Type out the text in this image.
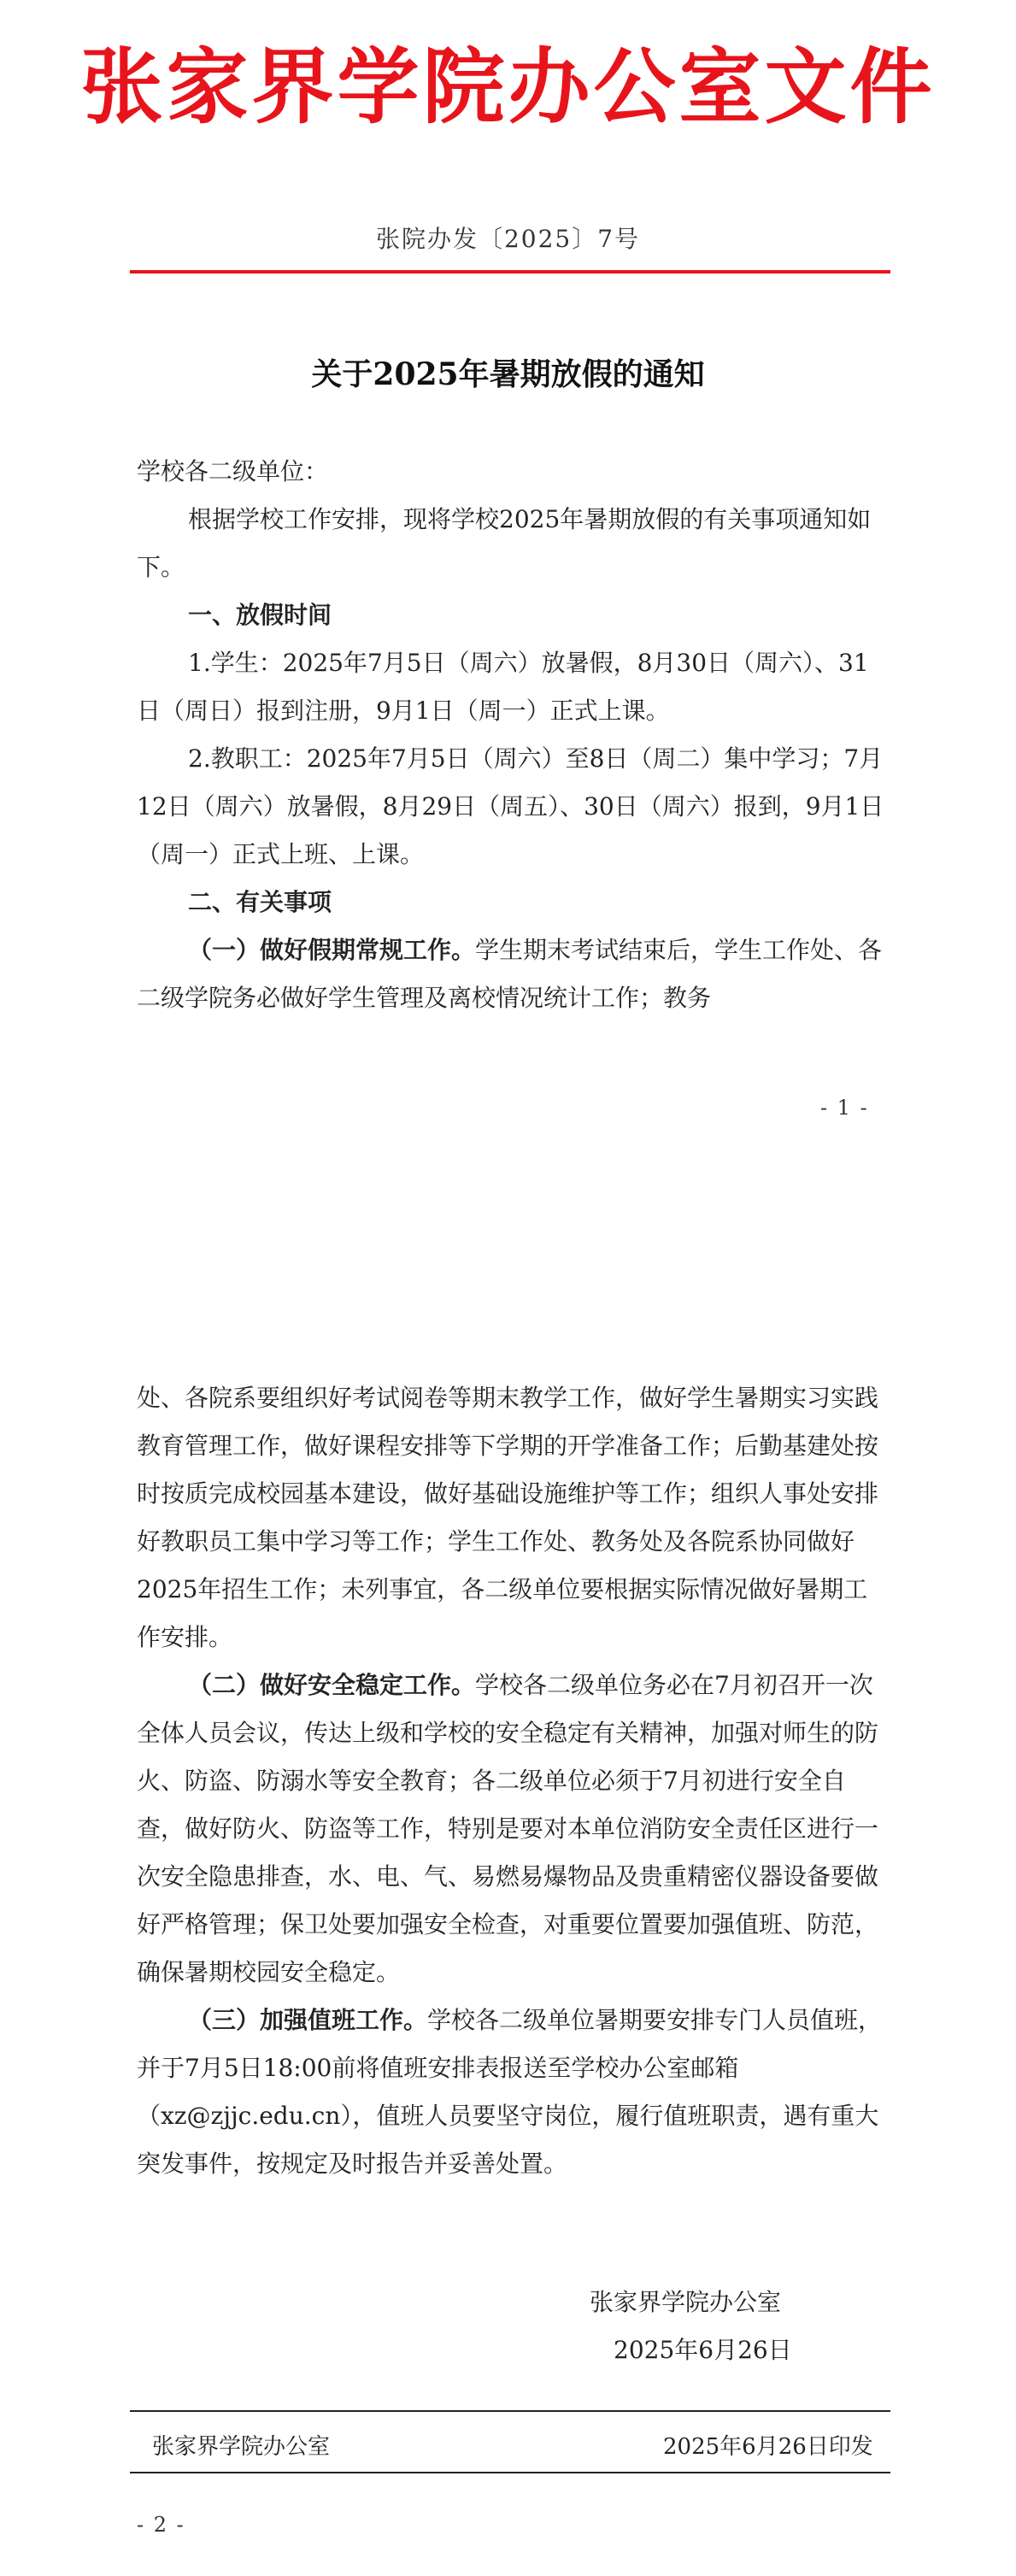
张家界学院办公室文件
张院办发〔2025〕7号
关于2025年暑期放假的通知

学校各二级单位：

根据学校工作安排，现将学校2025年暑期放假的有关事项通知如下。

一、放假时间

1.学生：2025年7月5日（周六）放暑假，8月30日（周六）、31日（周日）报到注册，9月1日（周一）正式上课。

2.教职工：2025年7月5日（周六）至8日（周二）集中学习；7月12日（周六）放暑假，8月29日（周五）、30日（周六）报到，9月1日（周一）正式上班、上课。

二、有关事项

（一）做好假期常规工作。学生期末考试结束后，学生工作处、各二级学院务必做好学生管理及离校情况统计工作；教务

- 1 -

处、各院系要组织好考试阅卷等期末教学工作，做好学生暑期实习实践教育管理工作，做好课程安排等下学期的开学准备工作；后勤基建处按时按质完成校园基本建设，做好基础设施维护等工作；组织人事处安排好教职员工集中学习等工作；学生工作处、教务处及各院系协同做好2025年招生工作；未列事宜，各二级单位要根据实际情况做好暑期工作安排。

（二）做好安全稳定工作。学校各二级单位务必在7月初召开一次全体人员会议，传达上级和学校的安全稳定有关精神，加强对师生的防火、防盗、防溺水等安全教育；各二级单位必须于7月初进行安全自查，做好防火、防盗等工作，特别是要对本单位消防安全责任区进行一次安全隐患排查，水、电、气、易燃易爆物品及贵重精密仪器设备要做好严格管理；保卫处要加强安全检查，对重要位置要加强值班、防范，确保暑期校园安全稳定。

（三）加强值班工作。学校各二级单位暑期要安排专门人员值班，并于7月5日18:00前将值班安排表报送至学校办公室邮箱（xz@zjjc.edu.cn），值班人员要坚守岗位，履行值班职责，遇有重大突发事件，按规定及时报告并妥善处置。

张家界学院办公室
2025年6月26日
张家界学院办公室	2025年6月26日印发
- 2 -
